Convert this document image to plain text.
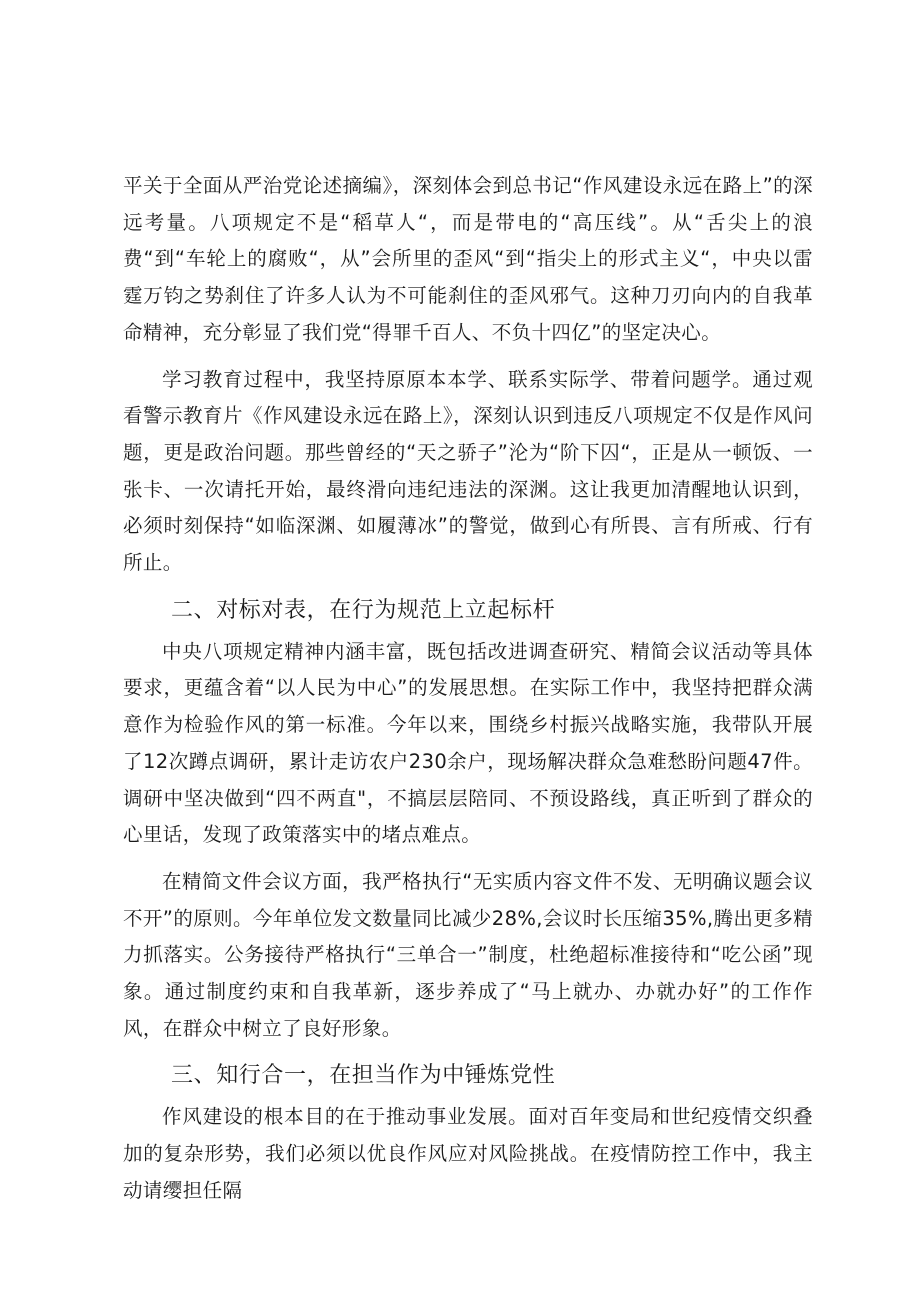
平关于全面从严治党论述摘编》，深刻体会到总书记“作风建设永远在路上”的深远考量。八项规定不是“稻草人“，而是带电的“高压线”。从“舌尖上的浪费“到“车轮上的腐败“，从”会所里的歪风“到“指尖上的形式主义“，中央以雷霆万钧之势刹住了许多人认为不可能刹住的歪风邪气。这种刀刃向内的自我革命精神，充分彰显了我们党“得罪千百人、不负十四亿”的坚定决心。

学习教育过程中，我坚持原原本本学、联系实际学、带着问题学。通过观看警示教育片《作风建设永远在路上》，深刻认识到违反八项规定不仅是作风问题，更是政治问题。那些曾经的“天之骄子”沦为“阶下囚“，正是从一顿饭、一张卡、一次请托开始，最终滑向违纪违法的深渊。这让我更加清醒地认识到，必须时刻保持“如临深渊、如履薄冰”的警觉，做到心有所畏、言有所戒、行有所止。

二、对标对表，在行为规范上立起标杆

中央八项规定精神内涵丰富，既包括改进调查研究、精简会议活动等具体要求，更蕴含着“以人民为中心”的发展思想。在实际工作中，我坚持把群众满意作为检验作风的第一标准。今年以来，围绕乡村振兴战略实施，我带队开展了12次蹲点调研，累计走访农户230余户，现场解决群众急难愁盼问题47件。调研中坚决做到“四不两直"，不搞层层陪同、不预设路线，真正听到了群众的心里话，发现了政策落实中的堵点难点。

在精简文件会议方面，我严格执行“无实质内容文件不发、无明确议题会议不开”的原则。今年单位发文数量同比减少28%,会议时长压缩35%,腾出更多精力抓落实。公务接待严格执行“三单合一”制度，杜绝超标准接待和“吃公函”现象。通过制度约束和自我革新，逐步养成了“马上就办、办就办好”的工作作风，在群众中树立了良好形象。

三、知行合一，在担当作为中锤炼党性

作风建设的根本目的在于推动事业发展。面对百年变局和世纪疫情交织叠加的复杂形势，我们必须以优良作风应对风险挑战。在疫情防控工作中，我主动请缨担任隔
